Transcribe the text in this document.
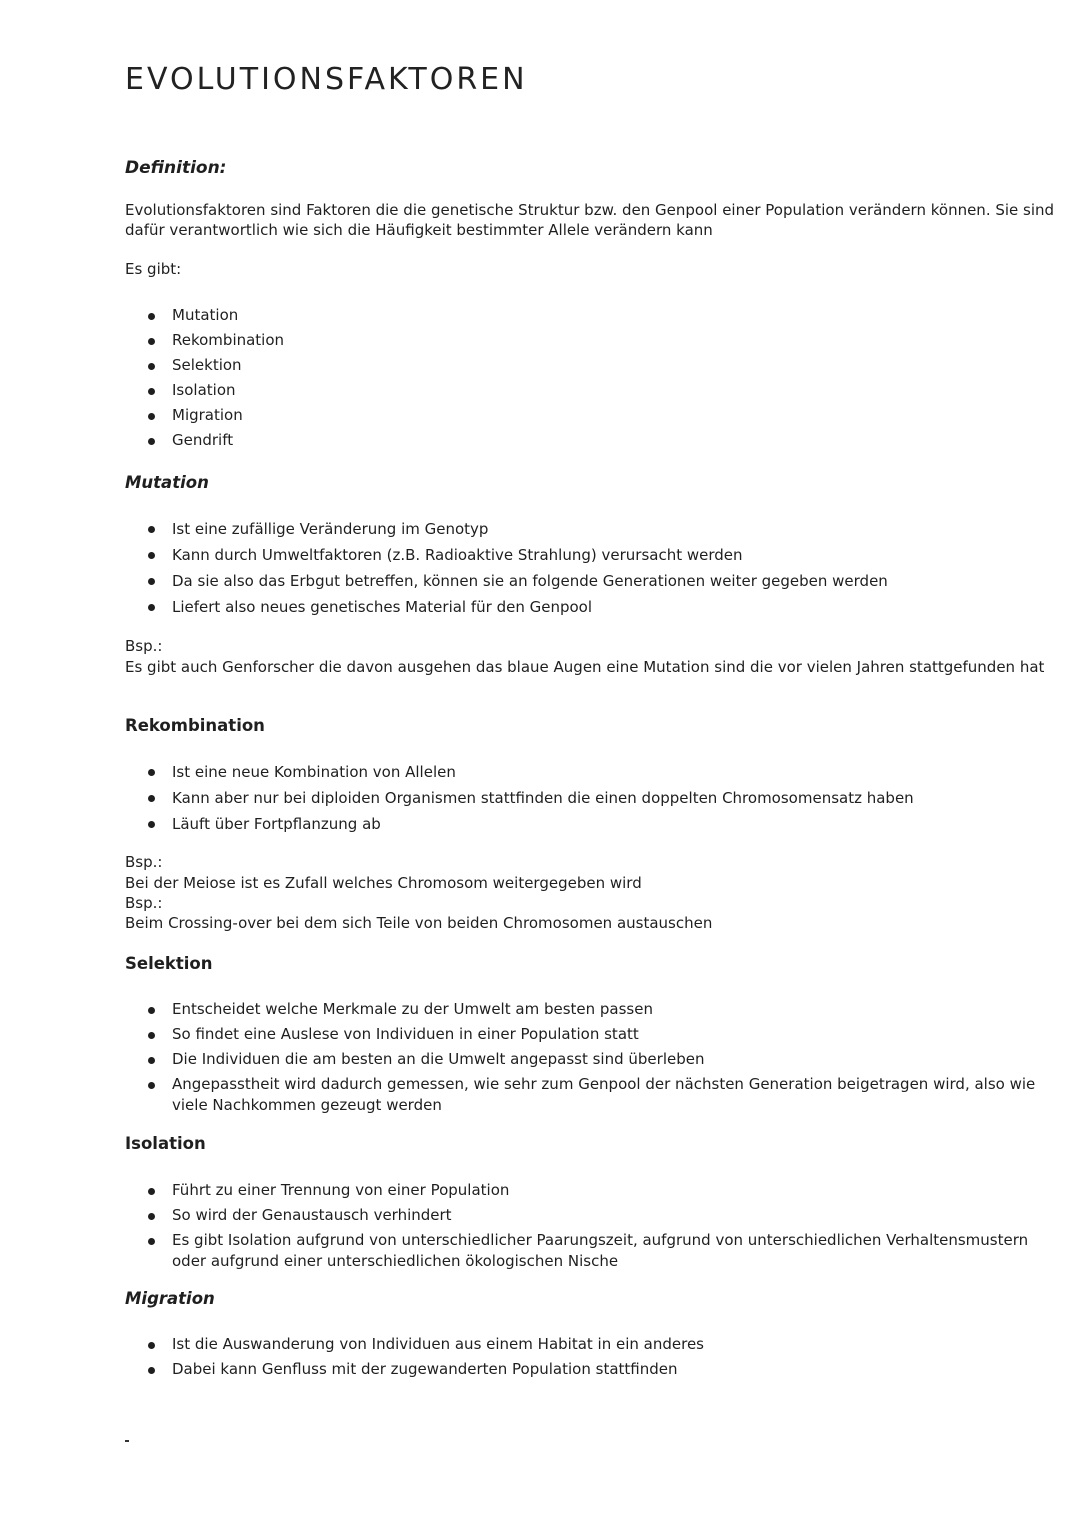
EVOLUTIONSFAKTOREN
Definition:

Evolutionsfaktoren sind Faktoren die die genetische Struktur bzw. den Genpool einer Population verändern können. Sie sind dafür verantwortlich wie sich die Häufigkeit bestimmter Allele verändern kann

Es gibt:
Mutation
Rekombination
Selektion
Isolation
Migration
Gendrift
Mutation
Ist eine zufällige Veränderung im Genotyp
Kann durch Umweltfaktoren (z.B. Radioaktive Strahlung) verursacht werden
Da sie also das Erbgut betreffen, können sie an folgende Generationen weiter gegeben werden
Liefert also neues genetisches Material für den Genpool
Bsp.:

Es gibt auch Genforscher die davon ausgehen das blaue Augen eine Mutation sind die vor vielen Jahren stattgefunden hat

Rekombination
Ist eine neue Kombination von Allelen
Kann aber nur bei diploiden Organismen stattfinden die einen doppelten Chromosomensatz haben
Läuft über Fortpflanzung ab
Bsp.:
Bei der Meiose ist es Zufall welches Chromosom weitergegeben wird
Bsp.:
Beim Crossing-over bei dem sich Teile von beiden Chromosomen austauschen
Selektion
Entscheidet welche Merkmale zu der Umwelt am besten passen
So findet eine Auslese von Individuen in einer Population statt
Die Individuen die am besten an die Umwelt angepasst sind überleben
Angepasstheit wird dadurch gemessen, wie sehr zum Genpool der nächsten Generation beigetragen wird, also wie viele Nachkommen gezeugt werden
Isolation
Führt zu einer Trennung von einer Population
So wird der Genaustausch verhindert
Es gibt Isolation aufgrund von unterschiedlicher Paarungszeit, aufgrund von unterschiedlichen Verhaltensmustern oder aufgrund einer unterschiedlichen ökologischen Nische
Migration
Ist die Auswanderung von Individuen aus einem Habitat in ein anderes
Dabei kann Genfluss mit der zugewanderten Population stattfinden
